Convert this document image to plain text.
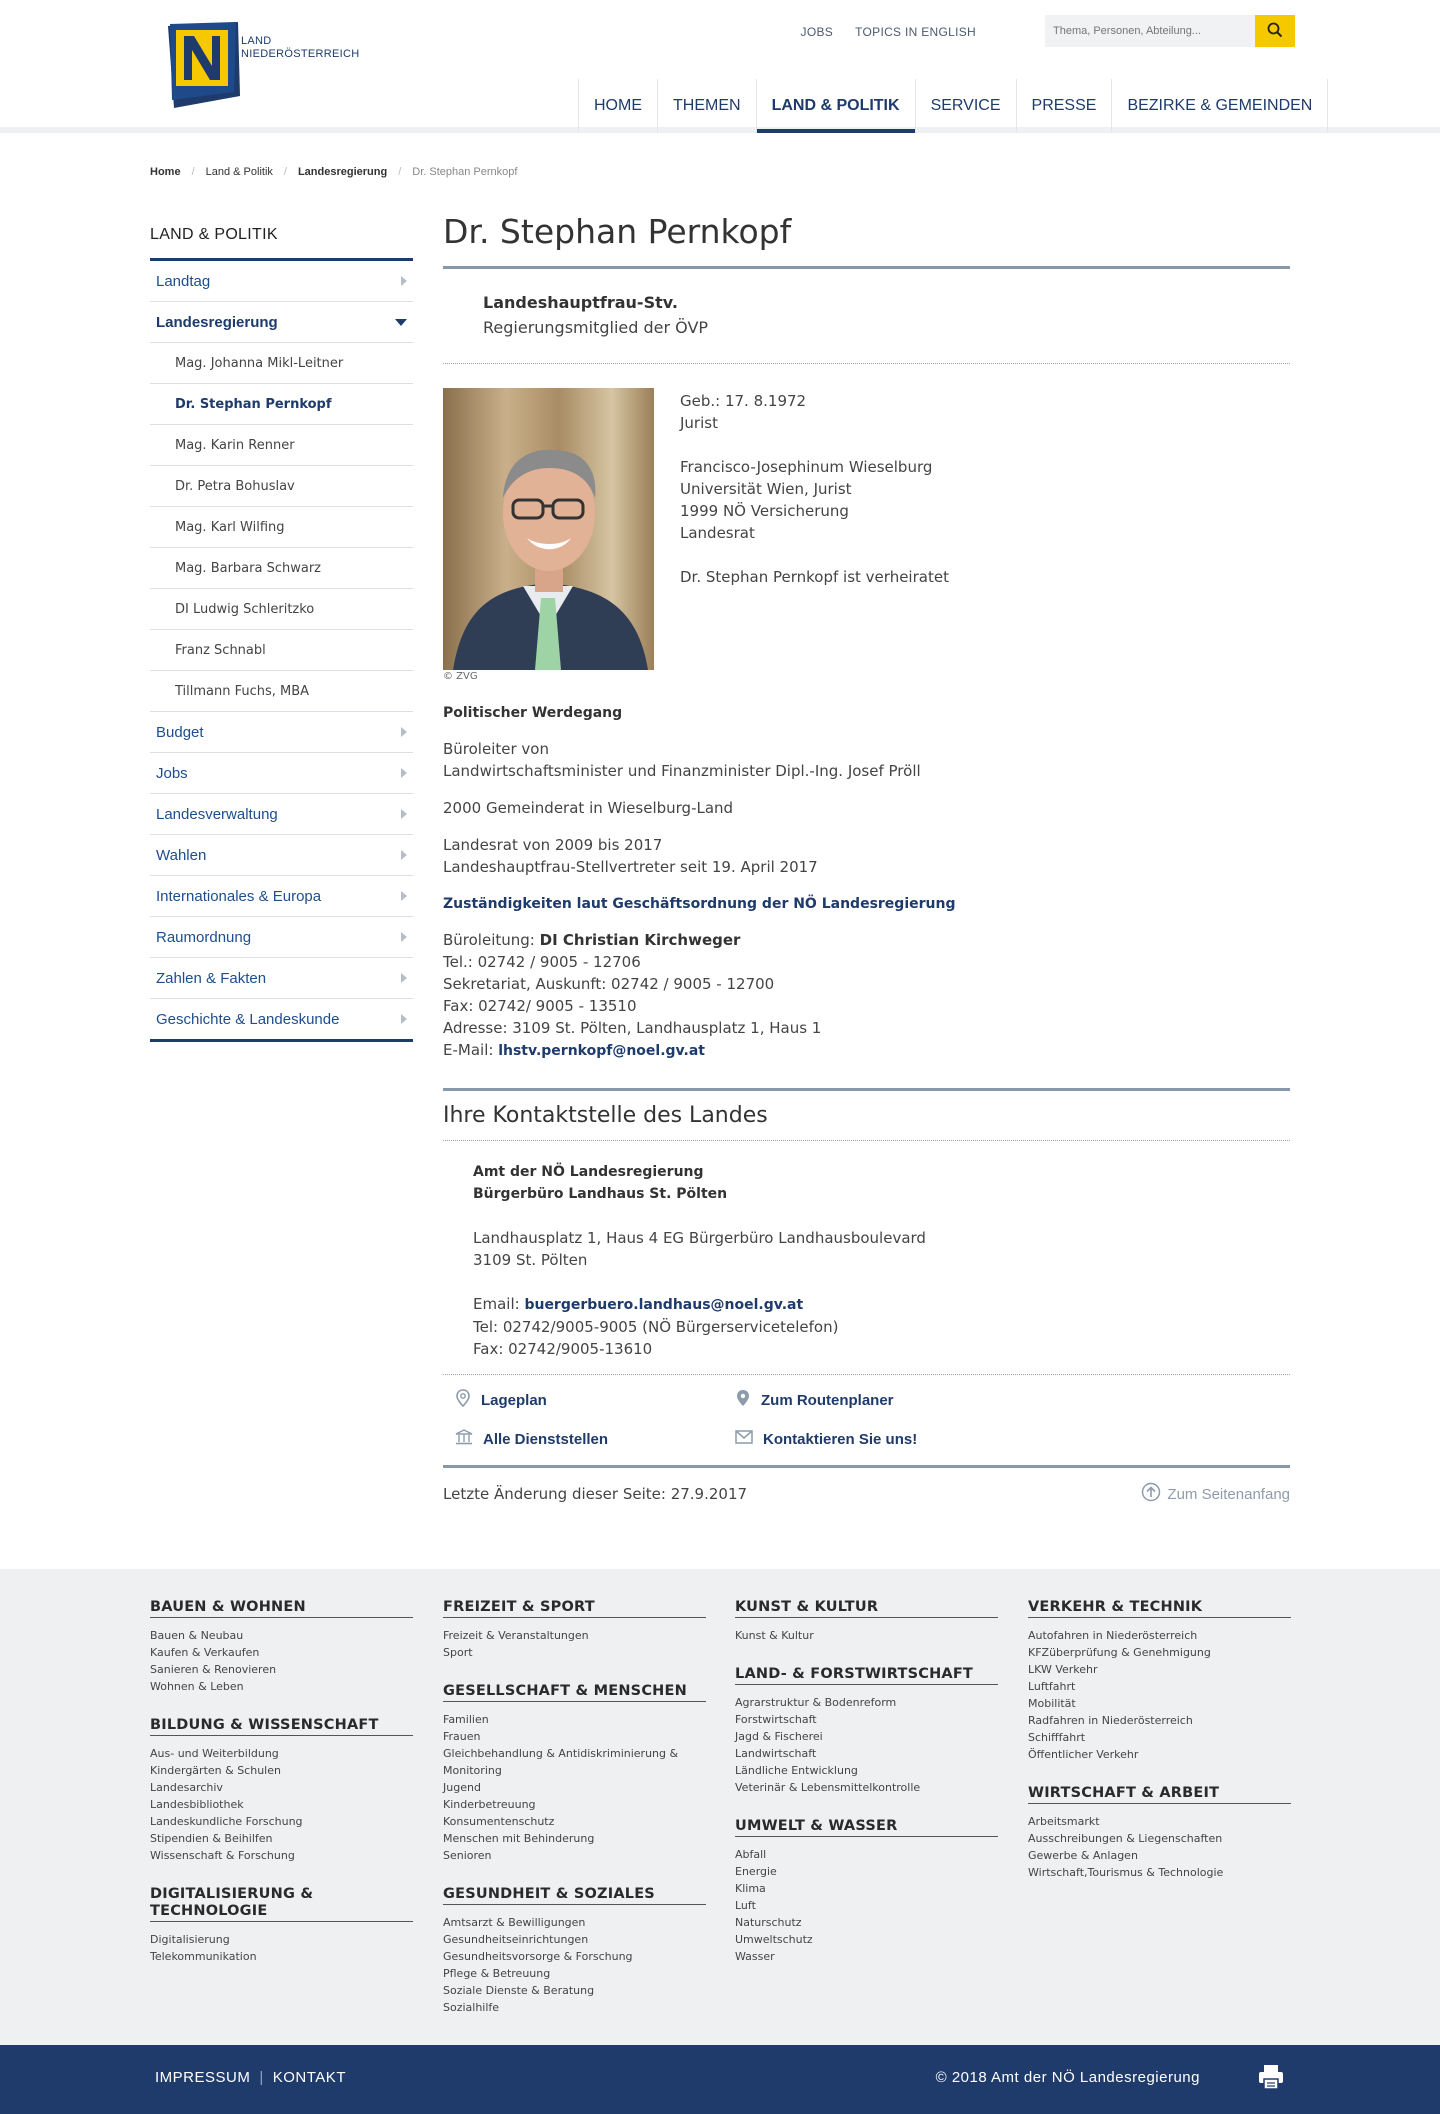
LAND
NIEDERÖSTERREICH
JOBS TOPICS IN ENGLISH
Thema, Personen, Abteilung...
HOME	THEMEN	LAND & POLITIK	SERVICE	PRESSE	BEZIRKE & GEMEINDEN
Home / Land & Politik / Landesregierung / Dr. Stephan Pernkopf
LAND & POLITIK
Landtag
Landesregierung
Mag. Johanna Mikl-Leitner
Dr. Stephan Pernkopf
Mag. Karin Renner
Dr. Petra Bohuslav
Mag. Karl Wilfing
Mag. Barbara Schwarz
DI Ludwig Schleritzko
Franz Schnabl
Tillmann Fuchs, MBA
Budget
Jobs
Landesverwaltung
Wahlen
Internationales & Europa
Raumordnung
Zahlen & Fakten
Geschichte & Landeskunde
Dr. Stephan Pernkopf
Landeshauptfrau-Stv.
Regierungsmitglied der ÖVP
© ZVG
Geb.: 17. 8.1972
Jurist
Francisco-Josephinum Wieselburg
Universität Wien, Jurist
1999 NÖ Versicherung
Landesrat
Dr. Stephan Pernkopf ist verheiratet
Politischer Werdegang

Büroleiter von
Landwirtschaftsminister und Finanzminister Dipl.-Ing. Josef Pröll

2000 Gemeinderat in Wieselburg-Land

Landesrat von 2009 bis 2017
Landeshauptfrau-Stellvertreter seit 19. April 2017

Zuständigkeiten laut Geschäftsordnung der NÖ Landesregierung
Büroleitung: DI Christian Kirchweger
Tel.: 02742 / 9005 - 12706
Sekretariat, Auskunft: 02742 / 9005 - 12700
Fax: 02742/ 9005 - 13510
Adresse: 3109 St. Pölten, Landhausplatz 1, Haus 1
E-Mail: lhstv.pernkopf@noel.gv.at
Ihre Kontaktstelle des Landes
Amt der NÖ Landesregierung
Bürgerbüro Landhaus St. Pölten
Landhausplatz 1, Haus 4 EG Bürgerbüro Landhausboulevard
3109 St. Pölten
Email: buergerbuero.landhaus@noel.gv.at
Tel: 02742/9005-9005 (NÖ Bürgerservicetelefon)
Fax: 02742/9005-13610
Lageplan	Zum Routenplaner
Alle Dienststellen	Kontaktieren Sie uns!
Letzte Änderung dieser Seite: 27.9.2017	Zum Seitenanfang
BAUEN & WOHNEN
Bauen & Neubau
Kaufen & Verkaufen
Sanieren & Renovieren
Wohnen & Leben
BILDUNG & WISSENSCHAFT
Aus- und Weiterbildung
Kindergärten & Schulen
Landesarchiv
Landesbibliothek
Landeskundliche Forschung
Stipendien & Beihilfen
Wissenschaft & Forschung
DIGITALISIERUNG &
TECHNOLOGIE
Digitalisierung
Telekommunikation
FREIZEIT & SPORT
Freizeit & Veranstaltungen
Sport
GESELLSCHAFT & MENSCHEN
Familien
Frauen
Gleichbehandlung & Antidiskriminierung &
Monitoring
Jugend
Kinderbetreuung
Konsumentenschutz
Menschen mit Behinderung
Senioren
GESUNDHEIT & SOZIALES
Amtsarzt & Bewilligungen
Gesundheitseinrichtungen
Gesundheitsvorsorge & Forschung
Pflege & Betreuung
Soziale Dienste & Beratung
Sozialhilfe
KUNST & KULTUR
Kunst & Kultur
LAND- & FORSTWIRTSCHAFT
Agrarstruktur & Bodenreform
Forstwirtschaft
Jagd & Fischerei
Landwirtschaft
Ländliche Entwicklung
Veterinär & Lebensmittelkontrolle
UMWELT & WASSER
Abfall
Energie
Klima
Luft
Naturschutz
Umweltschutz
Wasser
VERKEHR & TECHNIK
Autofahren in Niederösterreich
KFZüberprüfung & Genehmigung
LKW Verkehr
Luftfahrt
Mobilität
Radfahren in Niederösterreich
Schifffahrt
Öffentlicher Verkehr
WIRTSCHAFT & ARBEIT
Arbeitsmarkt
Ausschreibungen & Liegenschaften
Gewerbe & Anlagen
Wirtschaft,Tourismus & Technologie
IMPRESSUM | KONTAKT	© 2018 Amt der NÖ Landesregierung
